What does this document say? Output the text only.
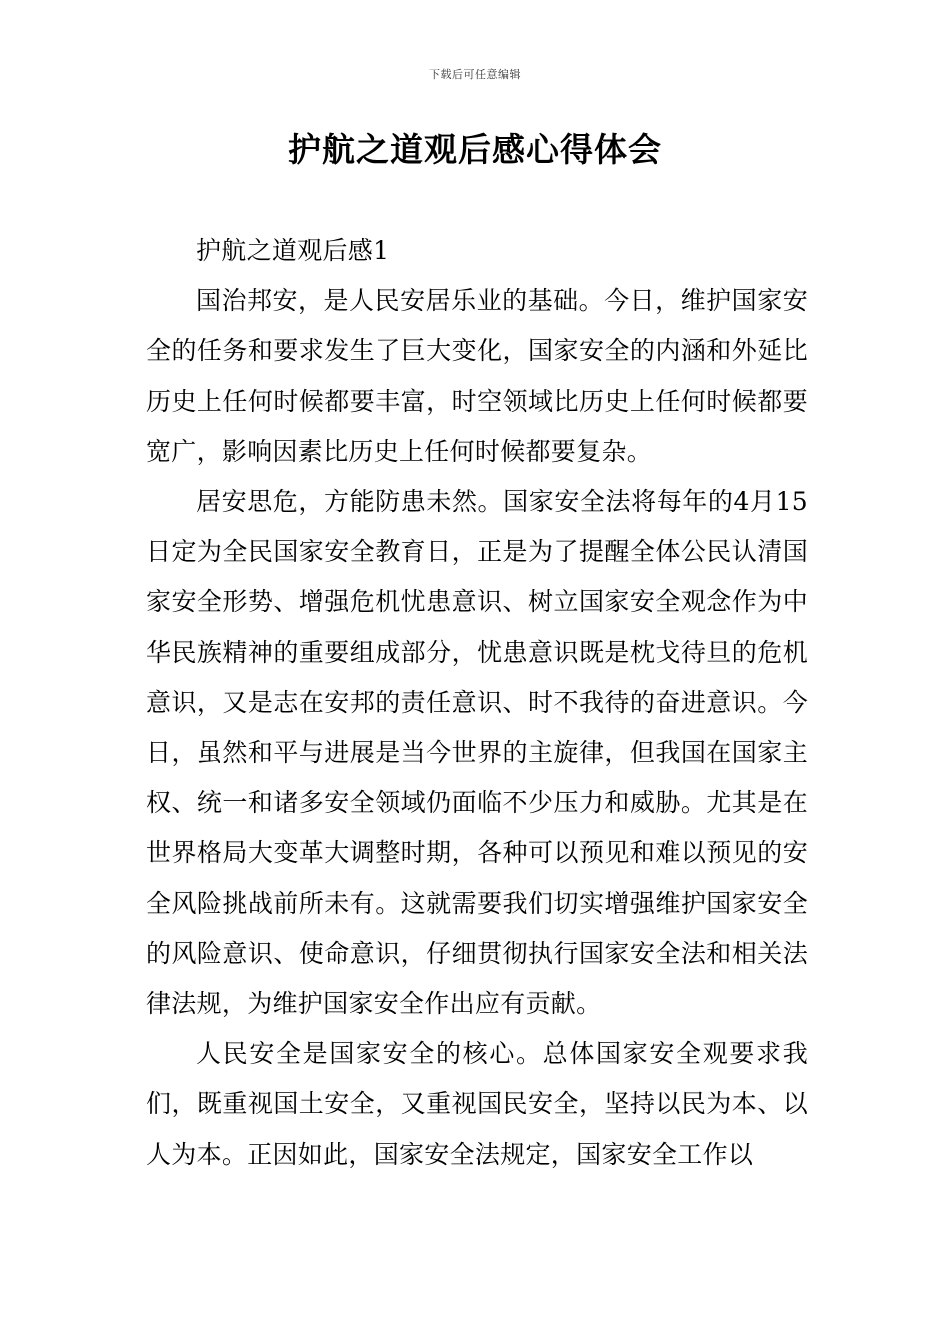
下载后可任意编辑
护航之道观后感心得体会

护航之道观后感1

国治邦安，是人民安居乐业的基础。今日，维护国家安全的任务和要求发生了巨大变化，国家安全的内涵和外延比历史上任何时候都要丰富，时空领域比历史上任何时候都要宽广，影响因素比历史上任何时候都要复杂。

居安思危，方能防患未然。国家安全法将每年的4月15日定为全民国家安全教育日，正是为了提醒全体公民认清国家安全形势、增强危机忧患意识、树立国家安全观念作为中华民族精神的重要组成部分，忧患意识既是枕戈待旦的危机意识，又是志在安邦的责任意识、时不我待的奋进意识。今日，虽然和平与进展是当今世界的主旋律，但我国在国家主权、统一和诸多安全领域仍面临不少压力和威胁。尤其是在世界格局大变革大调整时期，各种可以预见和难以预见的安全风险挑战前所未有。这就需要我们切实增强维护国家安全的风险意识、使命意识，仔细贯彻执行国家安全法和相关法律法规，为维护国家安全作出应有贡献。

人民安全是国家安全的核心。总体国家安全观要求我们，既重视国土安全，又重视国民安全，坚持以民为本、以人为本。正因如此，国家安全法规定，国家安全工作以
